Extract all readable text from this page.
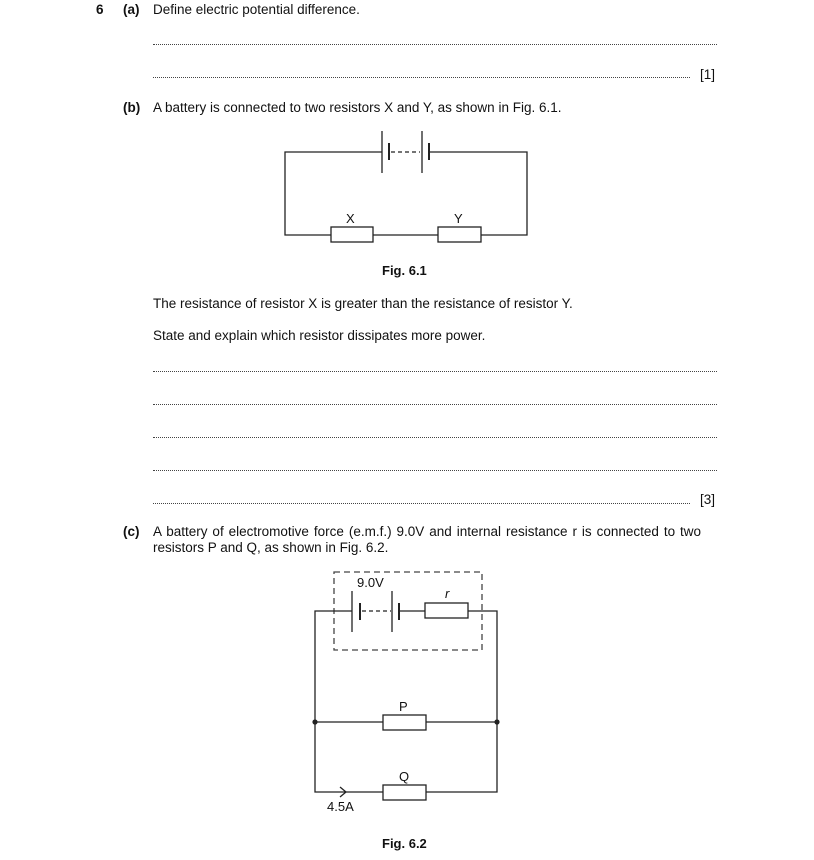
6 (a) Define electric potential difference.
[1]
(b) A battery is connected to two resistors X and Y, as shown in Fig. 6.1.
X	Y
9.0V
r
P
Q
4.5A
Fig. 6.1
The resistance of resistor X is greater than the resistance of resistor Y.
State and explain which resistor dissipates more power.
[3]
(c) A battery of electromotive force (e.m.f.) 9.0V and internal resistance r is connected to two
resistors P and Q, as shown in Fig. 6.2.
Fig. 6.2
